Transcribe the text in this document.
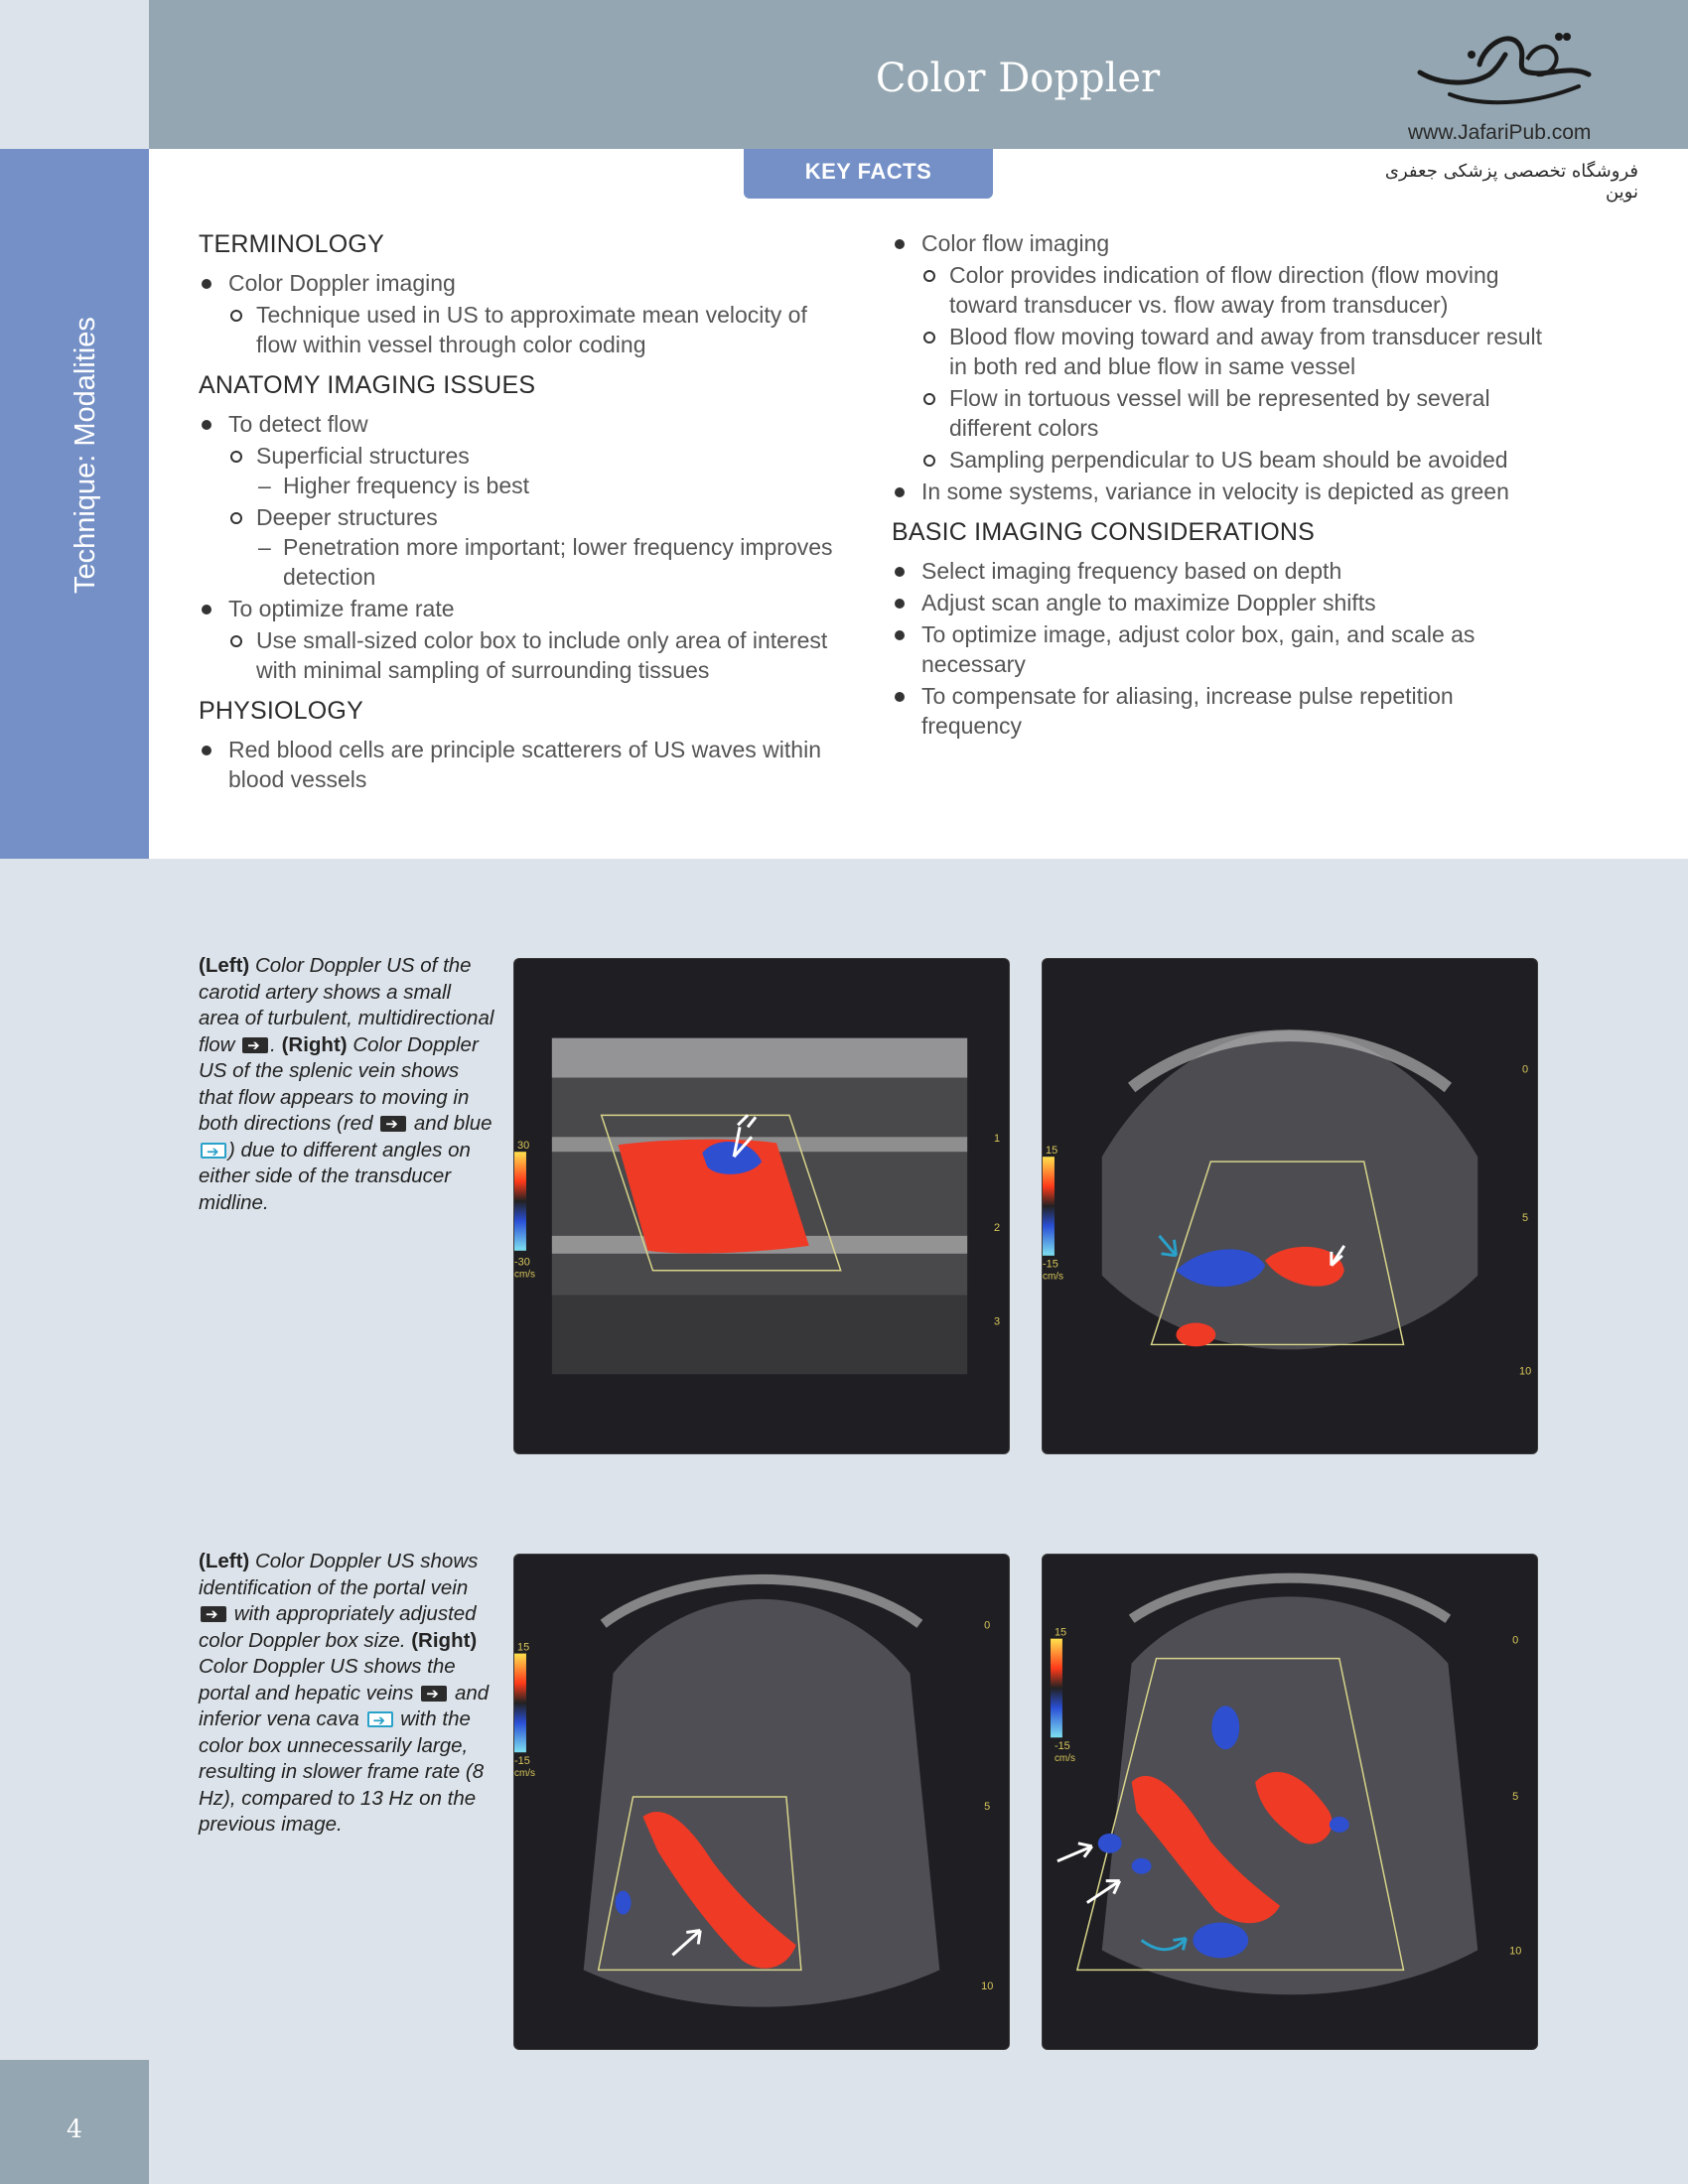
Color Doppler
www.JafariPub.com
فروشگاه تخصصی پزشکی جعفری نوین
Technique: Modalities
KEY FACTS
TERMINOLOGY
Color Doppler imaging
Technique used in US to approximate mean velocity of flow within vessel through color coding
ANATOMY IMAGING ISSUES
To detect flow
Superficial structures
– Higher frequency is best
Deeper structures
– Penetration more important; lower frequency improves detection
To optimize frame rate
Use small-sized color box to include only area of interest with minimal sampling of surrounding tissues
PHYSIOLOGY
Red blood cells are principle scatterers of US waves within blood vessels
Color flow imaging
Color provides indication of flow direction (flow moving toward transducer vs. flow away from transducer)
Blood flow moving toward and away from transducer result in both red and blue flow in same vessel
Flow in tortuous vessel will be represented by several different colors
Sampling perpendicular to US beam should be avoided
In some systems, variance in velocity is depicted as green
BASIC IMAGING CONSIDERATIONS
Select imaging frequency based on depth
Adjust scan angle to maximize Doppler shifts
To optimize image, adjust color box, gain, and scale as necessary
To compensate for aliasing, increase pulse repetition frequency
(Left) Color Doppler US of the carotid artery shows a small area of turbulent, multidirectional flow ➔ . (Right) Color Doppler US of the splenic vein shows that flow appears to moving in both directions (red ➔ and blue ➔) due to different angles on either side of the transducer midline.
(Left) Color Doppler US shows identification of the portal vein ➔ with appropriately adjusted color Doppler box size. (Right) Color Doppler US shows the portal and hepatic veins ➔ and inferior vena cava ➔ with the color box unnecessarily large, resulting in slower frame rate (8 Hz), compared to 13 Hz on the previous image.
30
-30
cm/s
1
2
3
15
-15
cm/s
0
5
10
15
-15
cm/s
0
5
10
15
-15
cm/s
0
5
10
4
